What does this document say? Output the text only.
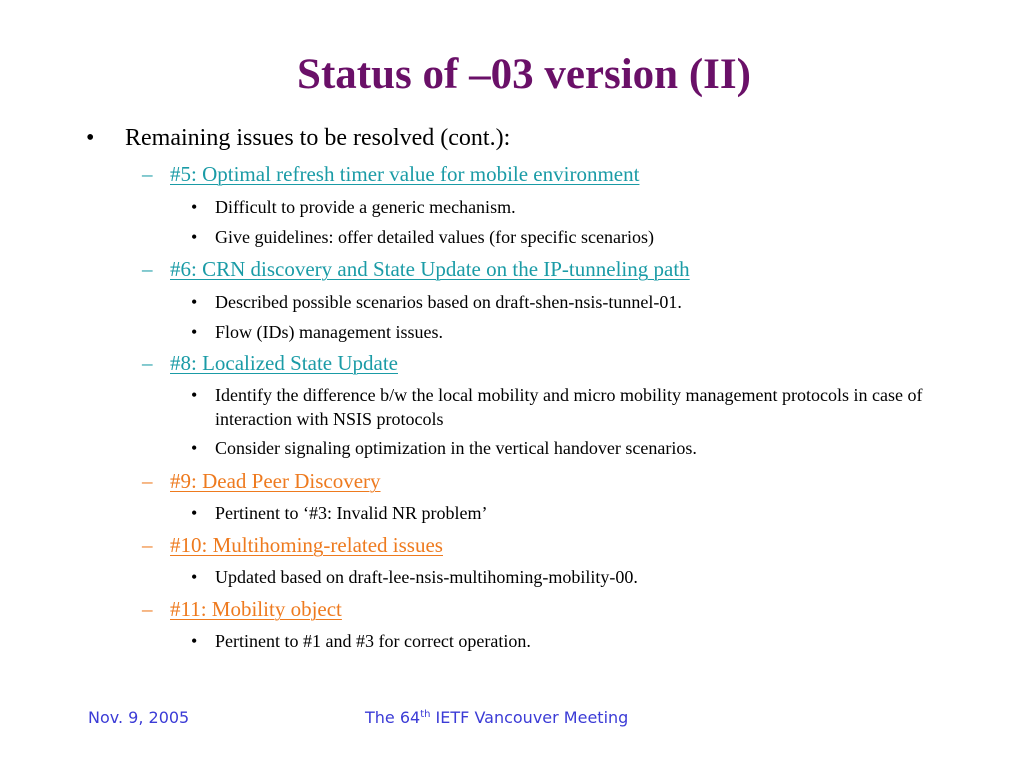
Status of –03 version (II)
• Remaining issues to be resolved (cont.):
– #5: Optimal refresh timer value for mobile environment
• Difficult to provide a generic mechanism.
• Give guidelines: offer detailed values (for specific scenarios)
– #6: CRN discovery and State Update on the IP-tunneling path
• Described possible scenarios based on draft-shen-nsis-tunnel-01.
• Flow (IDs) management issues.
– #8: Localized State Update
• Identify the difference b/w the local mobility and micro mobility management protocols in case of interaction with NSIS protocols
• Consider signaling optimization in the vertical handover scenarios.
– #9: Dead Peer Discovery
• Pertinent to ‘#3: Invalid NR problem’
– #10: Multihoming-related issues
• Updated based on draft-lee-nsis-multihoming-mobility-00.
– #11: Mobility object
• Pertinent to #1 and #3 for correct operation.
Nov. 9, 2005	The 64th IETF Vancouver Meeting
